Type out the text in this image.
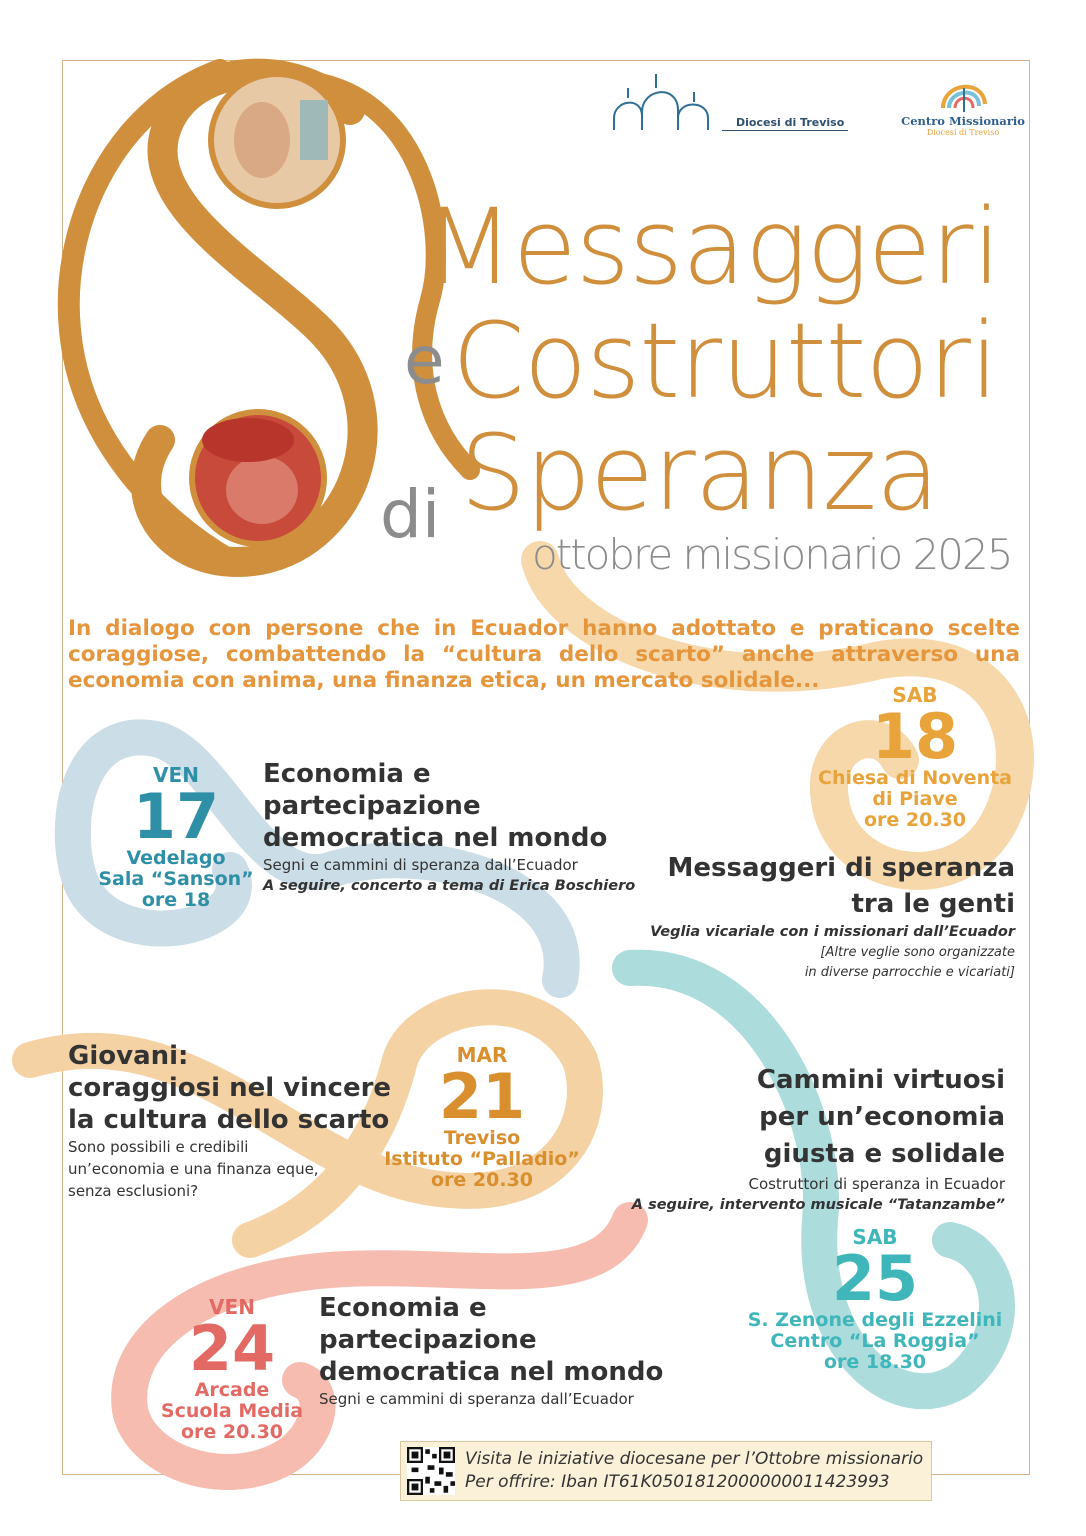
Diocesi di Treviso	Centro Missionario
Diocesi di Treviso
Messaggeri
e Costruttori
di Speranza
ottobre missionario 2025
In dialogo con persone che in Ecuador hanno adottato e praticano scelte coraggiose, combattendo la “cultura dello scarto” anche attraverso una economia con anima, una finanza etica, un mercato solidale...
VEN
17
Vedelago
Sala “Sanson”
ore 18
Economia e
partecipazione
democratica nel mondo
Segni e cammini di speranza dall’Ecuador
A seguire, concerto a tema di Erica Boschiero
SAB
18
Chiesa di Noventa
di Piave
ore 20.30
Messaggeri di speranza
tra le genti
Veglia vicariale con i missionari dall’Ecuador
[Altre veglie sono organizzate
in diverse parrocchie e vicariati]
Giovani:
coraggiosi nel vincere
la cultura dello scarto
Sono possibili e credibili
un’economia e una finanza eque,
senza esclusioni?
MAR
21
Treviso
Istituto “Palladio”
ore 20.30
Cammini virtuosi
per un’economia
giusta e solidale
Costruttori di speranza in Ecuador
A seguire, intervento musicale “Tatanzambe”
SAB
25
S. Zenone degli Ezzelini
Centro “La Roggia”
ore 18.30
VEN
24
Arcade
Scuola Media
ore 20.30
Economia e
partecipazione
democratica nel mondo
Segni e cammini di speranza dall’Ecuador
Visita le iniziative diocesane per l’Ottobre missionario
Per offrire: Iban IT61K0501812000000011423993
